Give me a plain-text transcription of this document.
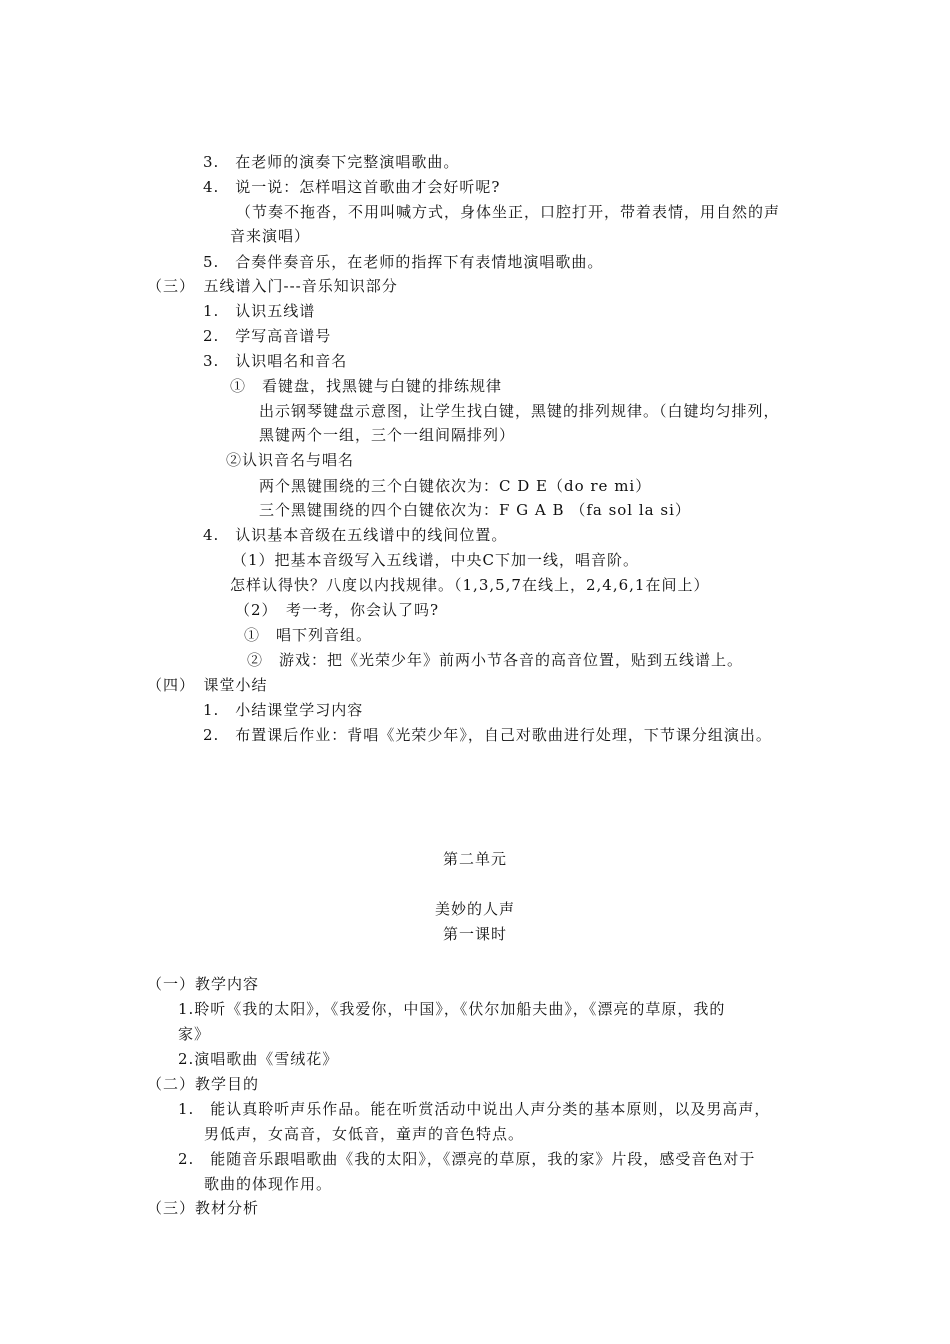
3.　在老师的演奏下完整演唱歌曲。
4.　说一说：怎样唱这首歌曲才会好听呢?
（节奏不拖沓，不用叫喊方式，身体坐正，口腔打开，带着表情，用自然的声
音来演唱）
5.　合奏伴奏音乐，在老师的指挥下有表情地演唱歌曲。
（三）　五线谱入门---音乐知识部分
1.　认识五线谱
2.　学写高音谱号
3.　认识唱名和音名
①　看键盘，找黑键与白键的排练规律
出示钢琴键盘示意图，让学生找白键，黑键的排列规律。（白键均匀排列，
黑键两个一组，三个一组间隔排列）
②认识音名与唱名
两个黑键围绕的三个白键依次为：C D E（do re mi）
三个黑键围绕的四个白键依次为：F G A B （fa sol la si）
4.　认识基本音级在五线谱中的线间位置。
（1）把基本音级写入五线谱，中央C下加一线，唱音阶。
怎样认得快？八度以内找规律。（1,3,5,7在线上，2,4,6,1在间上）
（2）　考一考，你会认了吗?
①　唱下列音组。
②　游戏：把《光荣少年》前两小节各音的高音位置，贴到五线谱上。
（四）　课堂小结
1.　小结课堂学习内容
2.　布置课后作业：背唱《光荣少年》，自己对歌曲进行处理，下节课分组演出。
第二单元
美妙的人声
第一课时
（一）教学内容
1.聆听《我的太阳》，《我爱你，中国》，《伏尔加船夫曲》，《漂亮的草原，我的
家》
2.演唱歌曲《雪绒花》
（二）教学目的
1.　能认真聆听声乐作品。能在听赏活动中说出人声分类的基本原则，以及男高声，
男低声，女高音，女低音，童声的音色特点。
2.　能随音乐跟唱歌曲《我的太阳》，《漂亮的草原，我的家》片段，感受音色对于
歌曲的体现作用。
（三）教材分析
